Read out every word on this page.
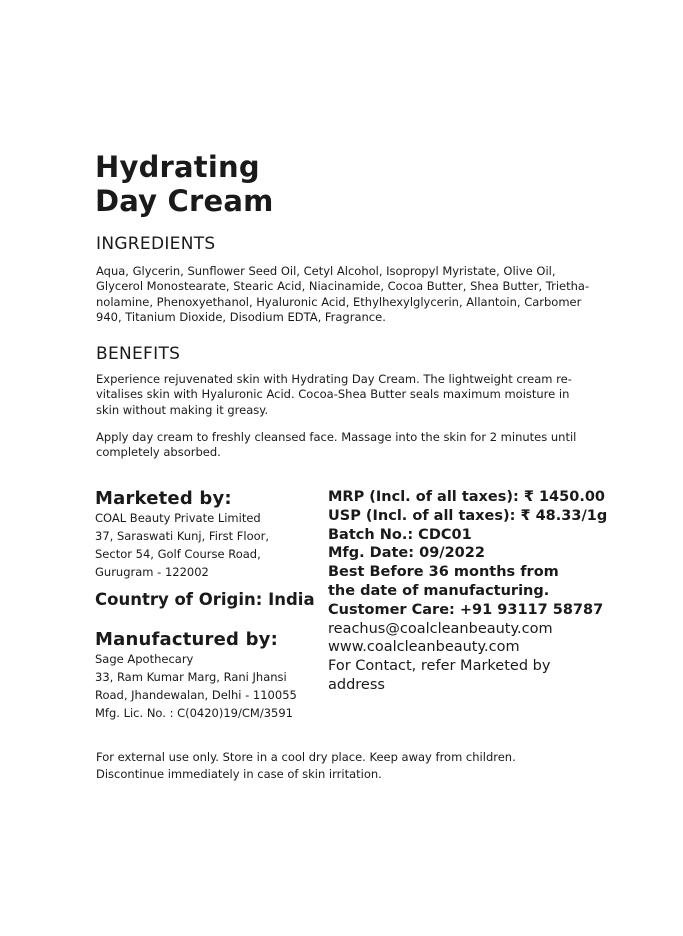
Hydrating
Day Cream
INGREDIENTS
Aqua, Glycerin, Sunflower Seed Oil, Cetyl Alcohol, Isopropyl Myristate, Olive Oil,
Glycerol Monostearate, Stearic Acid, Niacinamide, Cocoa Butter, Shea Butter, Trietha-
nolamine, Phenoxyethanol, Hyaluronic Acid, Ethylhexylglycerin, Allantoin, Carbomer
940, Titanium Dioxide, Disodium EDTA, Fragrance.
BENEFITS
Experience rejuvenated skin with Hydrating Day Cream. The lightweight cream re-
vitalises skin with Hyaluronic Acid. Cocoa-Shea Butter seals maximum moisture in
skin without making it greasy.
Apply day cream to freshly cleansed face. Massage into the skin for 2 minutes until
completely absorbed.
Marketed by:
COAL Beauty Private Limited
37, Saraswati Kunj, First Floor,
Sector 54, Golf Course Road,
Gurugram - 122002
Country of Origin: India
Manufactured by:
Sage Apothecary
33, Ram Kumar Marg, Rani Jhansi
Road, Jhandewalan, Delhi - 110055
Mfg. Lic. No. : C(0420)19/CM/3591
MRP (Incl. of all taxes): ₹ 1450.00
USP (Incl. of all taxes): ₹ 48.33/1g
Batch No.: CDC01
Mfg. Date: 09/2022
Best Before 36 months from
the date of manufacturing.
Customer Care: +91 93117 58787
reachus@coalcleanbeauty.com
www.coalcleanbeauty.com
For Contact, refer Marketed by
address
For external use only. Store in a cool dry place. Keep away from children.
Discontinue immediately in case of skin irritation.
